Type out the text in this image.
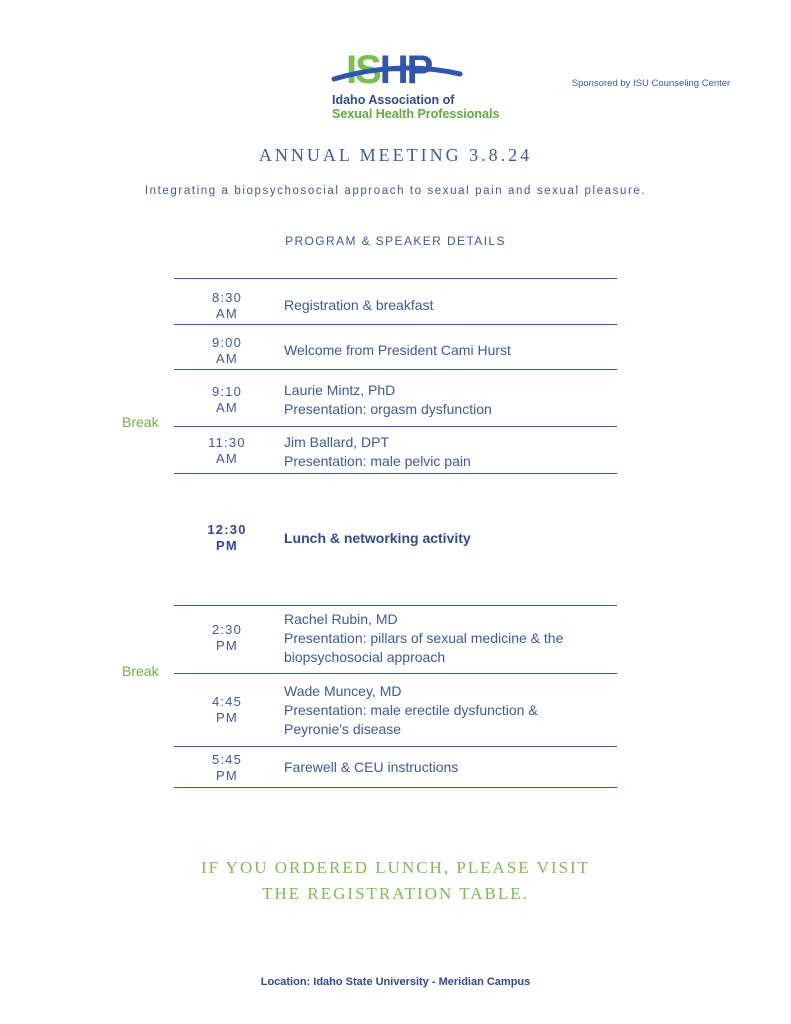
ISHP
Idaho Association of
Sexual Health Professionals
Sponsored by ISU Counseling Center
ANNUAL MEETING 3.8.24
Integrating a biopsychosocial approach to sexual pain and sexual pleasure.
PROGRAM & SPEAKER DETAILS
8:30
AM
Registration & breakfast
9:00
AM
Welcome from President Cami Hurst
9:10
AM
Laurie Mintz, PhD
Presentation: orgasm dysfunction
11:30
AM
Jim Ballard, DPT
Presentation: male pelvic pain
Break
12:30
PM	Lunch & networking activity
2:30
PM
Rachel Rubin, MD
Presentation: pillars of sexual medicine & the
biopsychosocial approach
4:45
PM
Wade Muncey, MD
Presentation: male erectile dysfunction &
Peyronie's disease
5:45
PM
Farewell & CEU instructions
Break
IF YOU ORDERED LUNCH, PLEASE VISIT
THE REGISTRATION TABLE.
Location: Idaho State University - Meridian Campus
